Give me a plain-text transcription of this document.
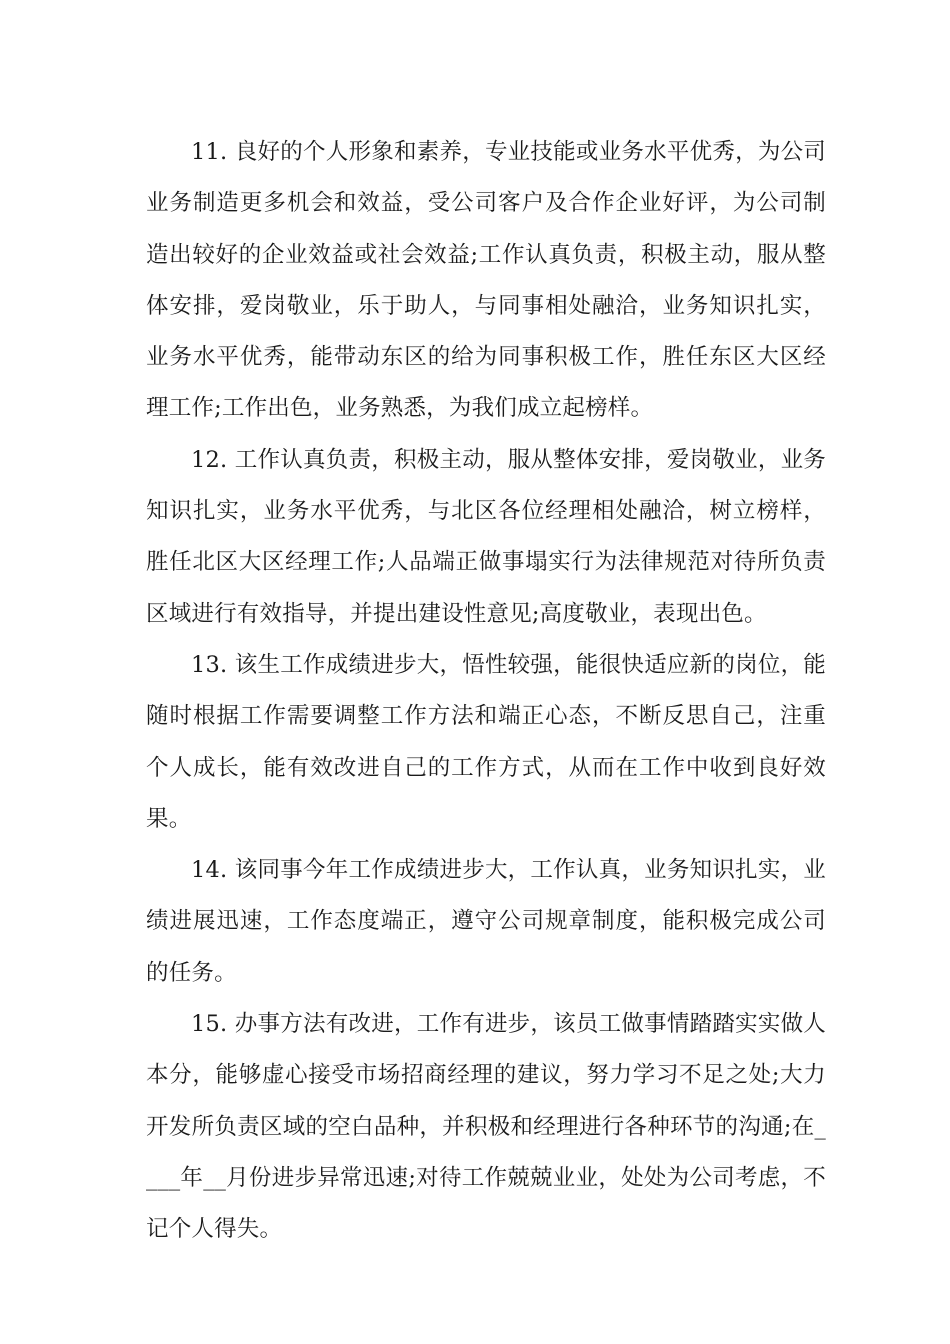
11. 良好的个人形象和素养，专业技能或业务水平优秀，为公司业务制造更多机会和效益，受公司客户及合作企业好评，为公司制造出较好的企业效益或社会效益;工作认真负责，积极主动，服从整体安排，爱岗敬业，乐于助人，与同事相处融洽，业务知识扎实，业务水平优秀，能带动东区的给为同事积极工作，胜任东区大区经理工作;工作出色，业务熟悉，为我们成立起榜样。

12. 工作认真负责，积极主动，服从整体安排，爱岗敬业，业务知识扎实，业务水平优秀，与北区各位经理相处融洽，树立榜样，胜任北区大区经理工作;人品端正做事塌实行为法律规范对待所负责区域进行有效指导，并提出建设性意见;高度敬业，表现出色。

13. 该生工作成绩进步大，悟性较强，能很快适应新的岗位，能随时根据工作需要调整工作方法和端正心态，不断反思自己，注重个人成长，能有效改进自己的工作方式，从而在工作中收到良好效果。

14. 该同事今年工作成绩进步大，工作认真，业务知识扎实，业绩进展迅速，工作态度端正，遵守公司规章制度，能积极完成公司的任务。

15. 办事方法有改进，工作有进步，该员工做事情踏踏实实做人本分，能够虚心接受市场招商经理的建议，努力学习不足之处;大力开发所负责区域的空白品种，并积极和经理进行各种环节的沟通;在____年__月份进步异常迅速;对待工作兢兢业业，处处为公司考虑，不记个人得失。
